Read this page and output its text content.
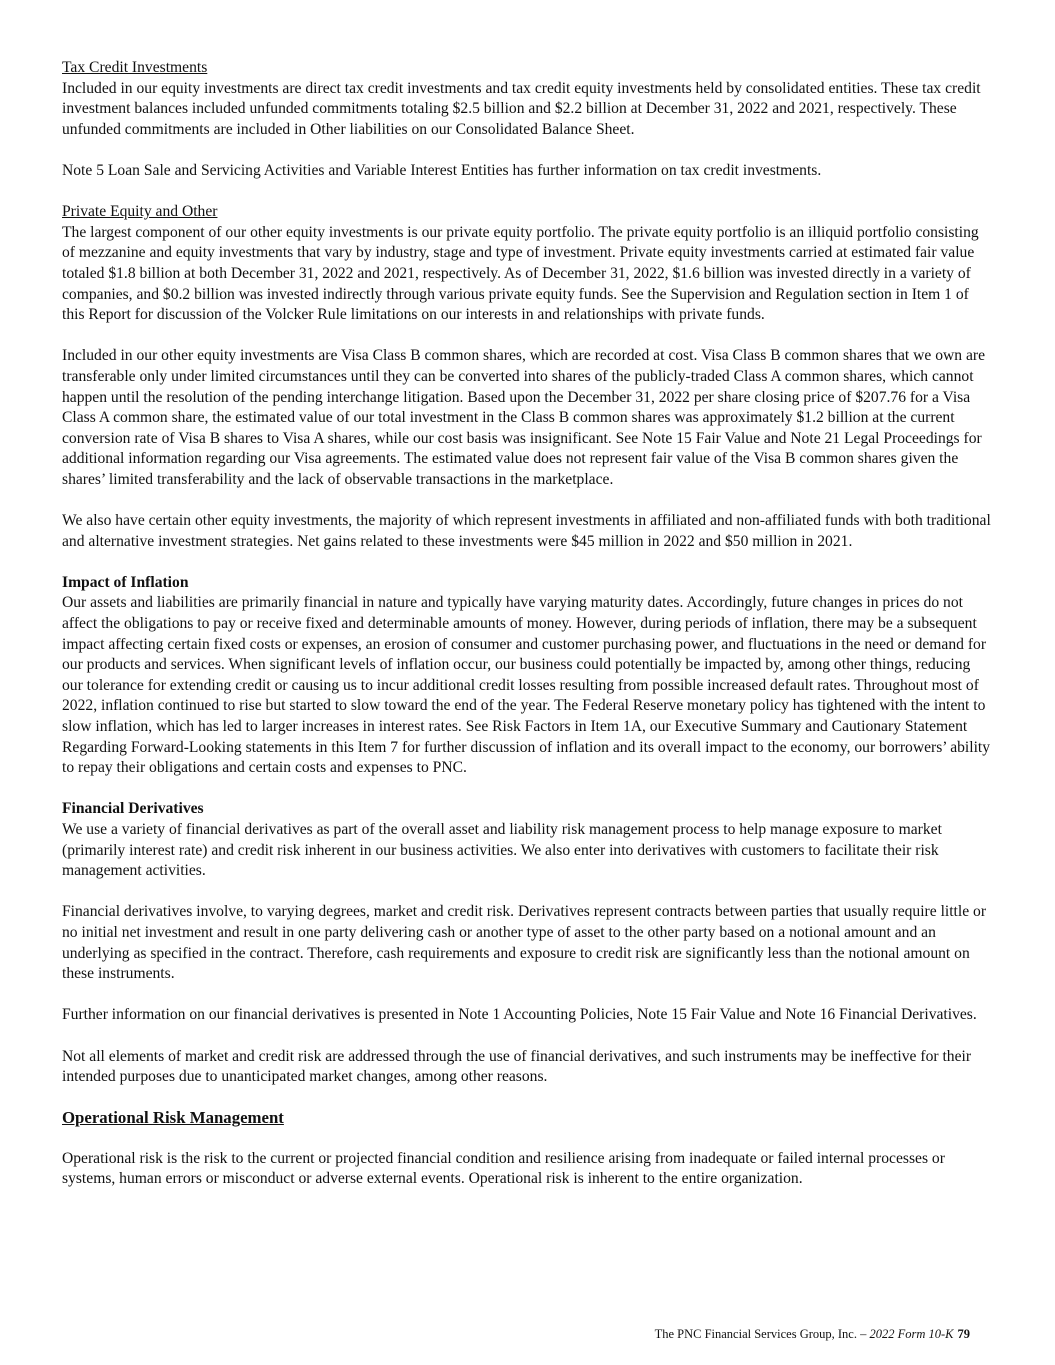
Tax Credit Investments

Included in our equity investments are direct tax credit investments and tax credit equity investments held by consolidated entities. These tax credit investment balances included unfunded commitments totaling $2.5 billion and $2.2 billion at December 31, 2022 and 2021, respectively. These unfunded commitments are included in Other liabilities on our Consolidated Balance Sheet.

Note 5 Loan Sale and Servicing Activities and Variable Interest Entities has further information on tax credit investments.

Private Equity and Other

The largest component of our other equity investments is our private equity portfolio. The private equity portfolio is an illiquid portfolio consisting of mezzanine and equity investments that vary by industry, stage and type of investment. Private equity investments carried at estimated fair value totaled $1.8 billion at both December 31, 2022 and 2021, respectively. As of December 31, 2022, $1.6 billion was invested directly in a variety of companies, and $0.2 billion was invested indirectly through various private equity funds. See the Supervision and Regulation section in Item 1 of this Report for discussion of the Volcker Rule limitations on our interests in and relationships with private funds.

Included in our other equity investments are Visa Class B common shares, which are recorded at cost. Visa Class B common shares that we own are transferable only under limited circumstances until they can be converted into shares of the publicly-traded Class A common shares, which cannot happen until the resolution of the pending interchange litigation. Based upon the December 31, 2022 per share closing price of $207.76 for a Visa Class A common share, the estimated value of our total investment in the Class B common shares was approximately $1.2 billion at the current conversion rate of Visa B shares to Visa A shares, while our cost basis was insignificant. See Note 15 Fair Value and Note 21 Legal Proceedings for additional information regarding our Visa agreements. The estimated value does not represent fair value of the Visa B common shares given the shares’ limited transferability and the lack of observable transactions in the marketplace.

We also have certain other equity investments, the majority of which represent investments in affiliated and non-affiliated funds with both traditional and alternative investment strategies. Net gains related to these investments were $45 million in 2022 and $50 million in 2021.

Impact of Inflation

Our assets and liabilities are primarily financial in nature and typically have varying maturity dates. Accordingly, future changes in prices do not affect the obligations to pay or receive fixed and determinable amounts of money. However, during periods of inflation, there may be a subsequent impact affecting certain fixed costs or expenses, an erosion of consumer and customer purchasing power, and fluctuations in the need or demand for our products and services. When significant levels of inflation occur, our business could potentially be impacted by, among other things, reducing our tolerance for extending credit or causing us to incur additional credit losses resulting from possible increased default rates. Throughout most of 2022, inflation continued to rise but started to slow toward the end of the year. The Federal Reserve monetary policy has tightened with the intent to slow inflation, which has led to larger increases in interest rates. See Risk Factors in Item 1A, our Executive Summary and Cautionary Statement Regarding Forward-Looking statements in this Item 7 for further discussion of inflation and its overall impact to the economy, our borrowers’ ability to repay their obligations and certain costs and expenses to PNC.

Financial Derivatives

We use a variety of financial derivatives as part of the overall asset and liability risk management process to help manage exposure to market (primarily interest rate) and credit risk inherent in our business activities. We also enter into derivatives with customers to facilitate their risk management activities.

Financial derivatives involve, to varying degrees, market and credit risk. Derivatives represent contracts between parties that usually require little or no initial net investment and result in one party delivering cash or another type of asset to the other party based on a notional amount and an underlying as specified in the contract. Therefore, cash requirements and exposure to credit risk are significantly less than the notional amount on these instruments.

Further information on our financial derivatives is presented in Note 1 Accounting Policies, Note 15 Fair Value and Note 16 Financial Derivatives.

Not all elements of market and credit risk are addressed through the use of financial derivatives, and such instruments may be ineffective for their intended purposes due to unanticipated market changes, among other reasons.

Operational Risk Management

Operational risk is the risk to the current or projected financial condition and resilience arising from inadequate or failed internal processes or systems, human errors or misconduct or adverse external events. Operational risk is inherent to the entire organization.

The PNC Financial Services Group, Inc. – 2022 Form 10-K 79
